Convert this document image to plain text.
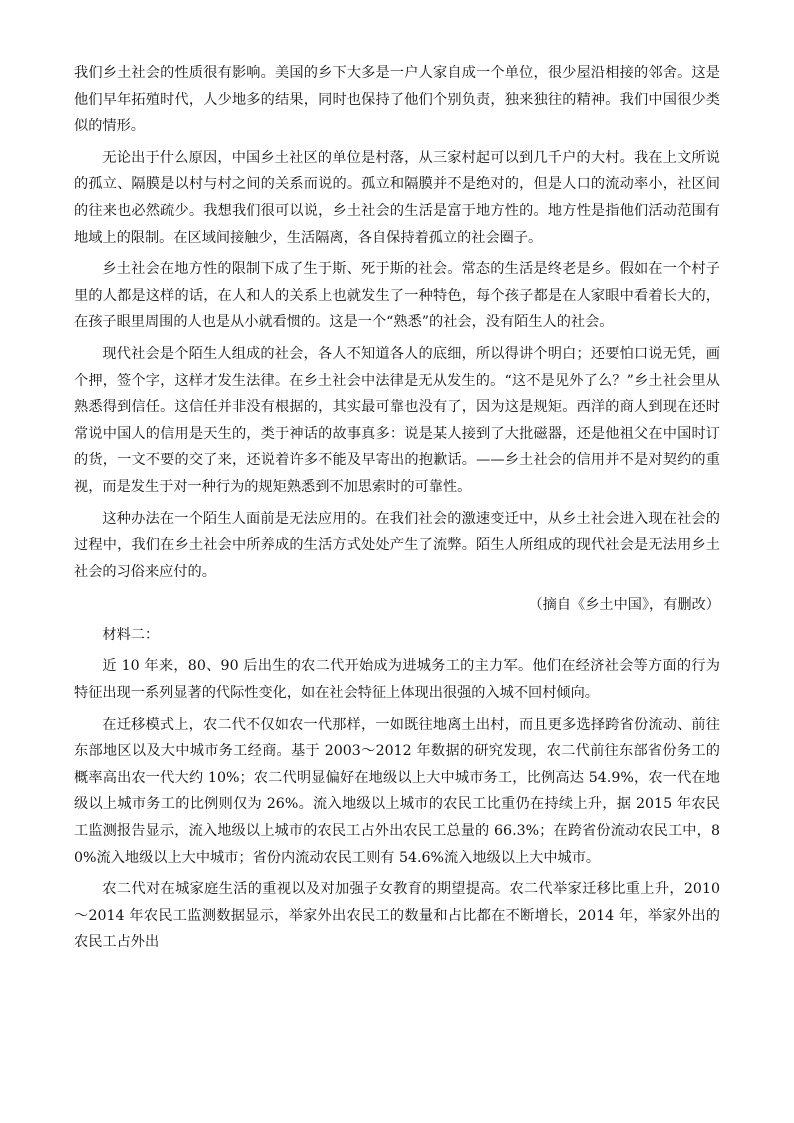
我们乡土社会的性质很有影响。美国的乡下大多是一户人家自成一个单位，很少屋沿相接的邻舍。这是他们早年拓殖时代，人少地多的结果，同时也保持了他们个别负责，独来独往的精神。我们中国很少类似的情形。

无论出于什么原因，中国乡土社区的单位是村落，从三家村起可以到几千户的大村。我在上文所说的孤立、隔膜是以村与村之间的关系而说的。孤立和隔膜并不是绝对的，但是人口的流动率小，社区间的往来也必然疏少。我想我们很可以说，乡土社会的生活是富于地方性的。地方性是指他们活动范围有地域上的限制。在区域间接触少，生活隔离，各自保持着孤立的社会圈子。

乡土社会在地方性的限制下成了生于斯、死于斯的社会。常态的生活是终老是乡。假如在一个村子里的人都是这样的话，在人和人的关系上也就发生了一种特色，每个孩子都是在人家眼中看着长大的，在孩子眼里周围的人也是从小就看惯的。这是一个“熟悉”的社会，没有陌生人的社会。

现代社会是个陌生人组成的社会，各人不知道各人的底细，所以得讲个明白；还要怕口说无凭，画个押，签个字，这样才发生法律。在乡土社会中法律是无从发生的。“这不是见外了么？”乡土社会里从熟悉得到信任。这信任并非没有根据的，其实最可靠也没有了，因为这是规矩。西洋的商人到现在还时常说中国人的信用是天生的，类于神话的故事真多：说是某人接到了大批磁器，还是他祖父在中国时订的货，一文不要的交了来，还说着许多不能及早寄出的抱歉话。——乡土社会的信用并不是对契约的重视，而是发生于对一种行为的规矩熟悉到不加思索时的可靠性。

这种办法在一个陌生人面前是无法应用的。在我们社会的激速变迁中，从乡土社会进入现在社会的过程中，我们在乡土社会中所养成的生活方式处处产生了流弊。陌生人所组成的现代社会是无法用乡土社会的习俗来应付的。

（摘自《乡土中国》，有删改）

材料二：

近 10 年来，80、90 后出生的农二代开始成为进城务工的主力军。他们在经济社会等方面的行为特征出现一系列显著的代际性变化，如在社会特征上体现出很强的入城不回村倾向。

在迁移模式上，农二代不仅如农一代那样，一如既往地离土出村，而且更多选择跨省份流动、前往东部地区以及大中城市务工经商。基于 2003～2012 年数据的研究发现，农二代前往东部省份务工的概率高出农一代大约 10%；农二代明显偏好在地级以上大中城市务工，比例高达 54.9%，农一代在地级以上城市务工的比例则仅为 26%。流入地级以上城市的农民工比重仍在持续上升，据 2015 年农民工监测报告显示，流入地级以上城市的农民工占外出农民工总量的 66.3%；在跨省份流动农民工中，80%流入地级以上大中城市；省份内流动农民工则有 54.6%流入地级以上大中城市。

农二代对在城家庭生活的重视以及对加强子女教育的期望提高。农二代举家迁移比重上升，2010～2014 年农民工监测数据显示，举家外出农民工的数量和占比都在不断增长，2014 年，举家外出的农民工占外出
